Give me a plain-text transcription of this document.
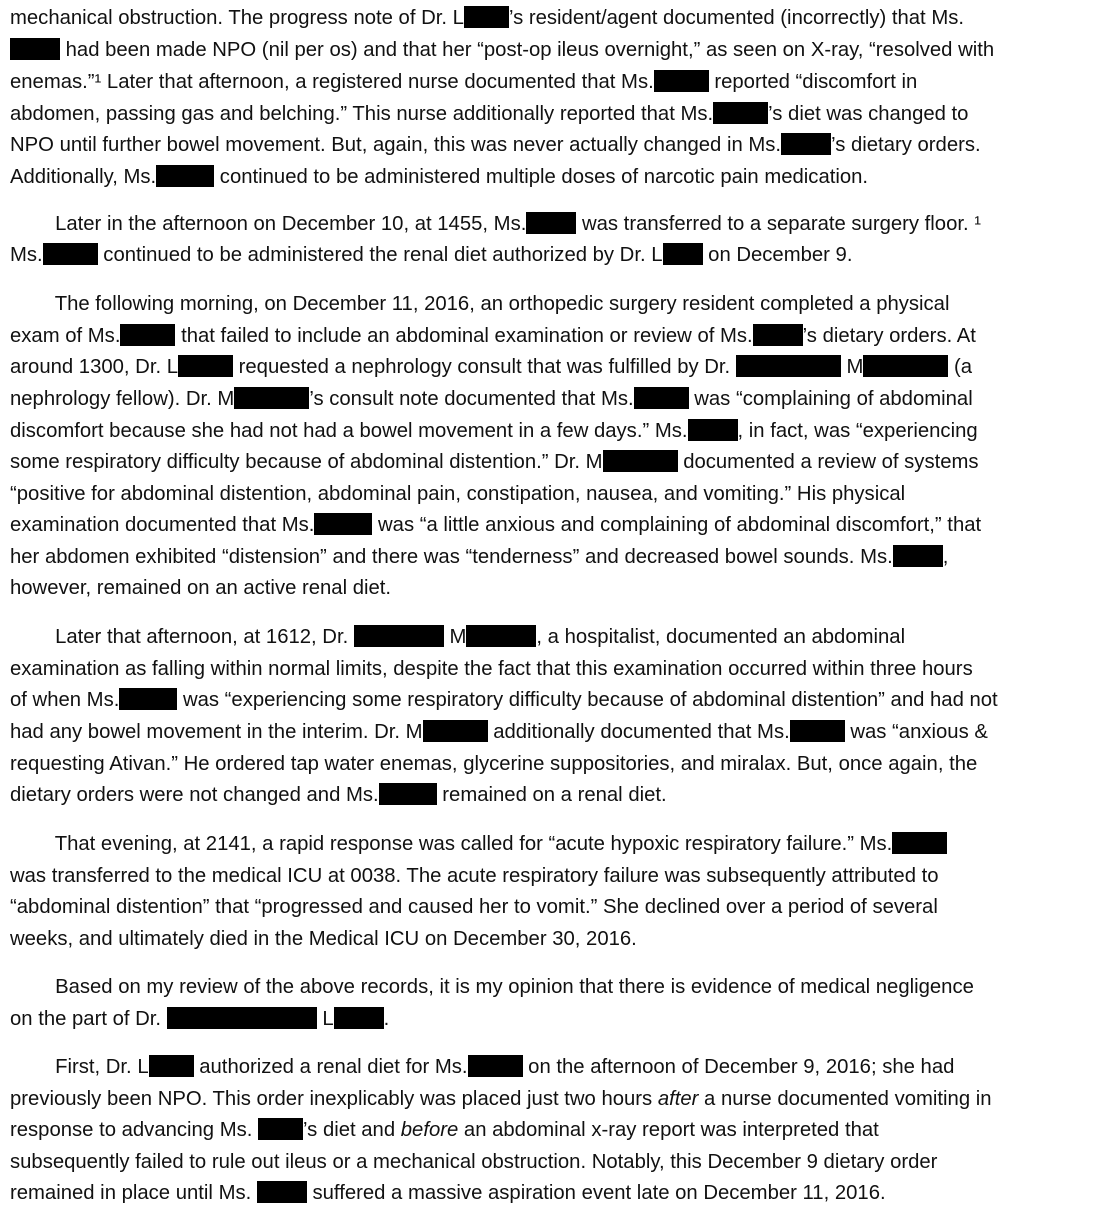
mechanical obstruction. The progress note of Dr. L ’s resident/agent documented (incorrectly) that Ms.
had been made NPO (nil per os) and that her “post-op ileus overnight,” as seen on X-ray, “resolved with
enemas.”¹ Later that afternoon, a registered nurse documented that Ms.	reported “discomfort in
abdomen, passing gas and belching.” This nurse additionally reported that Ms.	’s diet was changed to
NPO until further bowel movement. But, again, this was never actually changed in Ms. ’s dietary orders.
Additionally, Ms.	continued to be administered multiple doses of narcotic pain medication.
Later in the afternoon on December 10, at 1455, Ms. was transferred to a separate surgery floor. ¹
Ms.	continued to be administered the renal diet authorized by Dr. L on December 9.
The following morning, on December 11, 2016, an orthopedic surgery resident completed a physical
exam of Ms.	that failed to include an abdominal examination or review of Ms. ’s dietary orders. At
around 1300, Dr. L	requested a nephrology consult that was fulfilled by Dr.	M	(a
nephrology fellow). Dr. M	’s consult note documented that Ms.	was “complaining of abdominal
discomfort because she had not had a bowel movement in a few days.” Ms. , in fact, was “experiencing
some respiratory difficulty because of abdominal distention.” Dr. M	documented a review of systems
“positive for abdominal distention, abdominal pain, constipation, nausea, and vomiting.” His physical
examination documented that Ms.	was “a little anxious and complaining of abdominal discomfort,” that
her abdomen exhibited “distension” and there was “tenderness” and decreased bowel sounds. Ms. ,
however, remained on an active renal diet.
Later that afternoon, at 1612, Dr.	M	, a hospitalist, documented an abdominal
examination as falling within normal limits, despite the fact that this examination occurred within three hours
of when Ms.	was “experiencing some respiratory difficulty because of abdominal distention” and had not
had any bowel movement in the interim. Dr. M	additionally documented that Ms.	was “anxious &
requesting Ativan.” He ordered tap water enemas, glycerine suppositories, and miralax. But, once again, the
dietary orders were not changed and Ms.	remained on a renal diet.
That evening, at 2141, a rapid response was called for “acute hypoxic respiratory failure.” Ms.
was transferred to the medical ICU at 0038. The acute respiratory failure was subsequently attributed to
“abdominal distention” that “progressed and caused her to vomit.” She declined over a period of several
weeks, and ultimately died in the Medical ICU on December 30, 2016.
Based on my review of the above records, it is my opinion that there is evidence of medical negligence
on the part of Dr.	L .
First, Dr. L authorized a renal diet for Ms.	on the afternoon of December 9, 2016; she had
previously been NPO. This order inexplicably was placed just two hours after a nurse documented vomiting in
response to advancing Ms. ’s diet and before an abdominal x-ray report was interpreted that
subsequently failed to rule out ileus or a mechanical obstruction. Notably, this December 9 dietary order
remained in place until Ms.  suffered a massive aspiration event late on December 11, 2016.
